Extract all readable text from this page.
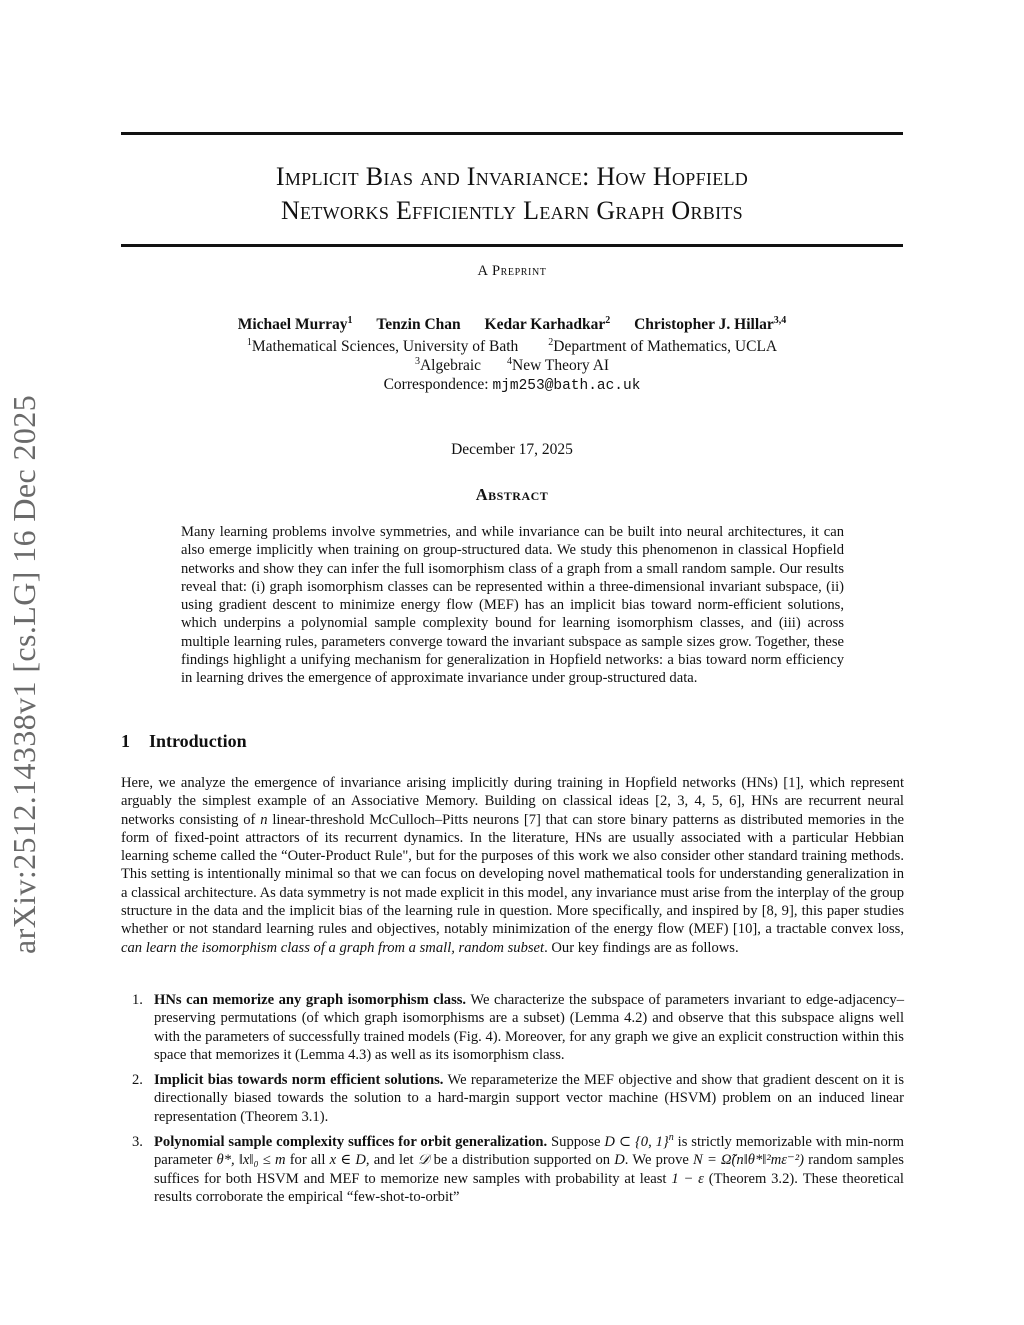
arXiv:2512.14338v1 [cs.LG] 16 Dec 2025
Implicit Bias and Invariance: How Hopfield
Networks Efficiently Learn Graph Orbits
A Preprint
Michael Murray$^1$ Tenzin Chan Kedar Karhadkar$^2$ Christopher J. Hillar$^{3,4}$
$^1$Mathematical Sciences, University of Bath	$^2$Department of Mathematics, UCLA
$^3$Algebraic	$^4$New Theory AI
Correspondence: mjm253@bath.ac.uk
December 17, 2025
Abstract
Many learning problems involve symmetries, and while invariance can be built into neural architectures, it can also emerge implicitly when training on group-structured data. We study this phenomenon in classical Hopfield networks and show they can infer the full isomorphism class of a graph from a small random sample. Our results reveal that: (i) graph isomorphism classes can be represented within a three-dimensional invariant subspace, (ii) using gradient descent to minimize energy flow (MEF) has an implicit bias toward norm-efficient solutions, which underpins a polynomial sample complexity bound for learning isomorphism classes, and (iii) across multiple learning rules, parameters converge toward the invariant subspace as sample sizes grow. Together, these findings highlight a unifying mechanism for generalization in Hopfield networks: a bias toward norm efficiency in learning drives the emergence of approximate invariance under group-structured data.
1 Introduction
Here, we analyze the emergence of invariance arising implicitly during training in Hopfield networks (HNs) [1], which represent arguably the simplest example of an Associative Memory. Building on classical ideas [2, 3, 4, 5, 6], HNs are recurrent neural networks consisting of n linear-threshold McCulloch–Pitts neurons [7] that can store binary patterns as distributed memories in the form of fixed-point attractors of its recurrent dynamics. In the literature, HNs are usually associated with a particular Hebbian learning scheme called the “Outer-Product Rule", but for the purposes of this work we also consider other standard training methods. This setting is intentionally minimal so that we can focus on developing novel mathematical tools for understanding generalization in a classical architecture. As data symmetry is not made explicit in this model, any invariance must arise from the interplay of the group structure in the data and the implicit bias of the learning rule in question. More specifically, and inspired by [8, 9], this paper studies whether or not standard learning rules and objectives, notably minimization of the energy flow (MEF) [10], a tractable convex loss, can learn the isomorphism class of a graph from a small, random subset. Our key findings are as follows.
1. HNs can memorize any graph isomorphism class. We characterize the subspace of parameters invariant to edge-adjacency–preserving permutations (of which graph isomorphisms are a subset) (Lemma 4.2) and observe that this subspace aligns well with the parameters of successfully trained models (Fig. 4). Moreover, for any graph we give an explicit construction within this space that memorizes it (Lemma 4.3) as well as its isomorphism class.
2. Implicit bias towards norm efficient solutions. We reparameterize the MEF objective and show that gradient descent on it is directionally biased towards the solution to a hard-margin support vector machine (HSVM) problem on an induced linear representation (Theorem 3.1).
3. Polynomial sample complexity suffices for orbit generalization. Suppose D ⊂ {0, 1}$^n$ is strictly memorizable with min-norm parameter θ*, ‖x‖₀ ≤ m for all x ∈ D, and let 𝒟 be a distribution supported on D. We prove N = Ω̃(n‖θ*‖²mε⁻²) random samples suffices for both HSVM and MEF to memorize new samples with probability at least 1 − ε (Theorem 3.2). These theoretical results corroborate the empirical “few-shot-to-orbit”
